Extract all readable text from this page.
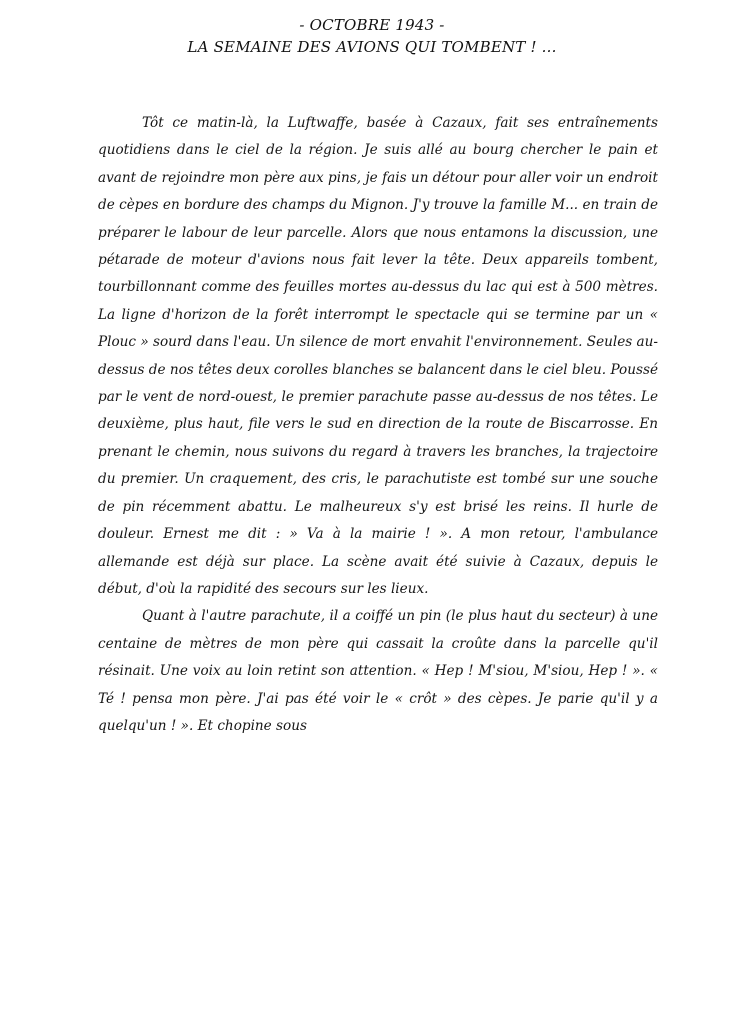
- OCTOBRE 1943 -
LA SEMAINE DES AVIONS QUI TOMBENT ! ...

Tôt ce matin-là, la Luftwaffe, basée à Cazaux, fait ses entraînements quotidiens dans le ciel de la région. Je suis allé au bourg chercher le pain et avant de rejoindre mon père aux pins, je fais un détour pour aller voir un endroit de cèpes en bordure des champs du Mignon. J'y trouve la famille M... en train de préparer le labour de leur parcelle. Alors que nous entamons la discussion, une pétarade de moteur d'avions nous fait lever la tête. Deux appareils tombent, tourbillonnant comme des feuilles mortes au-dessus du lac qui est à 500 mètres. La ligne d'horizon de la forêt interrompt le spectacle qui se termine par un « Plouc » sourd dans l'eau. Un silence de mort envahit l'environnement. Seules au-dessus de nos têtes deux corolles blanches se balancent dans le ciel bleu. Poussé par le vent de nord-ouest, le premier parachute passe au-dessus de nos têtes. Le deuxième, plus haut, file vers le sud en direction de la route de Biscarrosse. En prenant le chemin, nous suivons du regard à travers les branches, la trajectoire du premier. Un craquement, des cris, le parachutiste est tombé sur une souche de pin récemment abattu. Le malheureux s'y est brisé les reins. Il hurle de douleur. Ernest me dit : » Va à la mairie ! ». A mon retour, l'ambulance allemande est déjà sur place. La scène avait été suivie à Cazaux, depuis le début, d'où la rapidité des secours sur les lieux.

Quant à l'autre parachute, il a coiffé un pin (le plus haut du secteur) à une centaine de mètres de mon père qui cassait la croûte dans la parcelle qu'il résinait. Une voix au loin retint son attention. « Hep ! M'siou, M'siou, Hep ! ». « Té ! pensa mon père. J'ai pas été voir le « crôt » des cèpes. Je parie qu'il y a quelqu'un ! ». Et chopine sous
